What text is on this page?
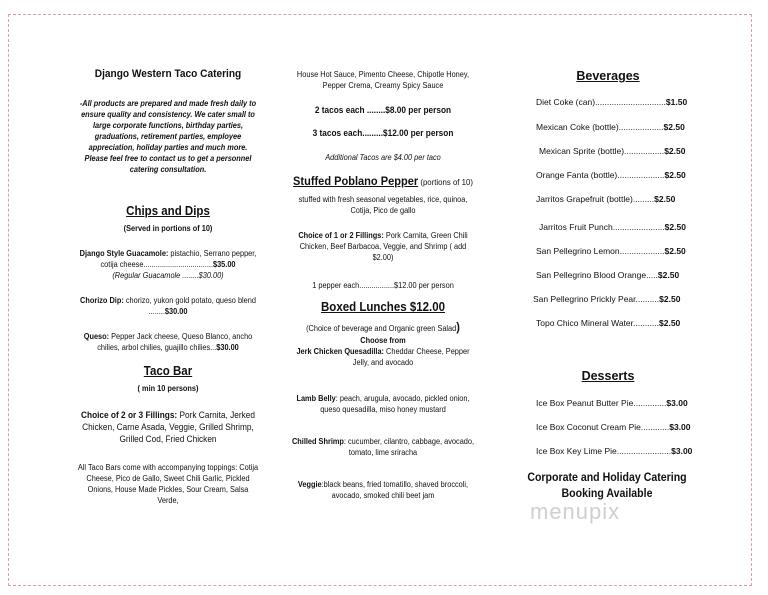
Django Western Taco Catering
-All products are prepared and made fresh daily to ensure quality and consistency. We cater small to large corporate functions, birthday parties, graduations, retirement parties, employee appreciation, holiday parties and much more. Please feel free to contact us to get a personnel catering consultation.
Chips and Dips
(Served in portions of 10)
Django Style Guacamole: pistachio, Serrano pepper, cotija cheese..................................$35.00
(Regular Guacamole ........$30.00)
Chorizo Dip: chorizo, yukon gold potato, queso blend ........$30.00
Queso: Pepper Jack cheese, Queso Blanco, ancho chilies, arbol chilies, guajillo chilies...$30.00
Taco Bar
( min 10 persons)
Choice of 2 or 3 Fillings: Pork Carnita, Jerked Chicken, Carne Asada, Veggie, Grilled Shrimp, Grilled Cod, Fried Chicken
All Taco Bars come with accompanying toppings: Cotija Cheese, Pico de Gallo, Sweet Chili Garlic, Pickled Onions, House Made Pickles, Sour Cream, Salsa Verde,
House Hot Sauce, Pimento Cheese, Chipotle Honey, Pepper Crema, Creamy Spicy Sauce
2 tacos each ........$8.00 per person
3 tacos each.........$12.00 per person
Additional Tacos are $4.00 per taco
Stuffed Poblano Pepper (portions of 10)
stuffed with fresh seasonal vegetables, rice, quinoa, Cotija, Pico de gallo
Choice of 1 or 2 Fillings: Pork Carnita, Green Chili Chicken, Beef Barbacoa, Veggie, and Shrimp ( add $2.00)
1 pepper each.................$12.00 per person
Boxed Lunches $12.00
(Choice of beverage and Organic green Salad)
Choose from
Jerk Chicken Quesadilla: Cheddar Cheese, Pepper Jelly, and avocado
Lamb Belly: peach, arugula, avocado, pickled onion, queso quesadilla, miso honey mustard
Chilled Shrimp: cucumber, cilantro, cabbage, avocado, tomato, lime sriracha
Veggie:black beans, fried tomatillo, shaved broccoli, avocado, smoked chili beet jam
Beverages
Diet Coke (can)..............................$1.50
Mexican Coke (bottle)...................$2.50
Mexican Sprite (bottle).................$2.50
Orange Fanta (bottle)....................$2.50
Jarritos Grapefruit (bottle).........$2.50
Jarritos Fruit Punch......................$2.50
San Pellegrino Lemon...................$2.50
San Pellegrino Blood Orange.....$2.50
San Pellegrino Prickly Pear..........$2.50
Topo Chico Mineral Water...........$2.50
Desserts
Ice Box Peanut Butter Pie..............$3.00
Ice Box Coconut Cream Pie............$3.00
Ice Box Key Lime Pie.......................$3.00
Corporate and Holiday Catering Booking Available
menupix
